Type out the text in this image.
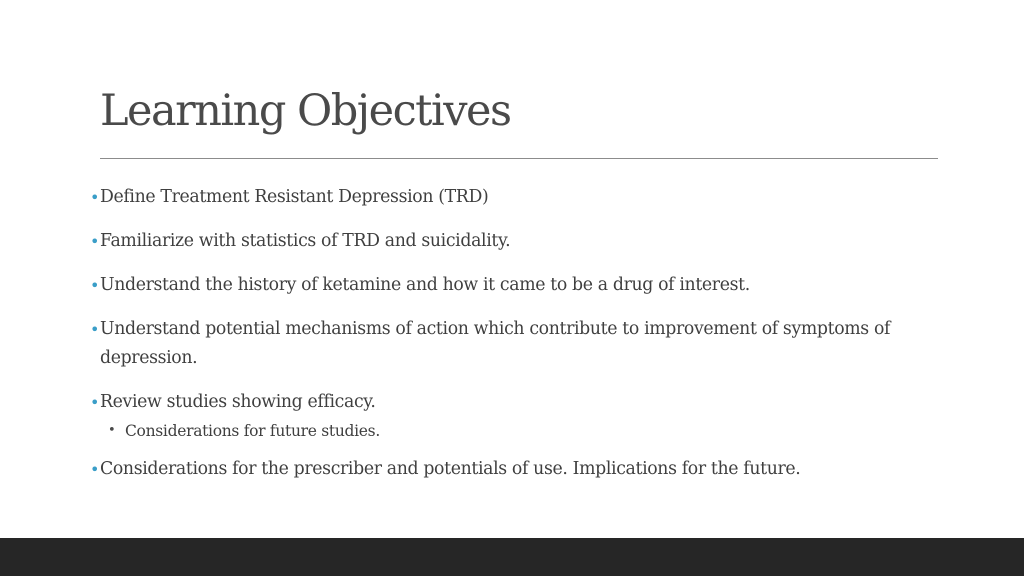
Learning Objectives
• Define Treatment Resistant Depression (TRD)
• Familiarize with statistics of TRD and suicidality.
• Understand the history of ketamine and how it came to be a drug of interest.
• Understand potential mechanisms of action which contribute to improvement of symptoms of depression.
• Review studies showing efficacy.
• Considerations for future studies.
• Considerations for the prescriber and potentials of use. Implications for the future.
